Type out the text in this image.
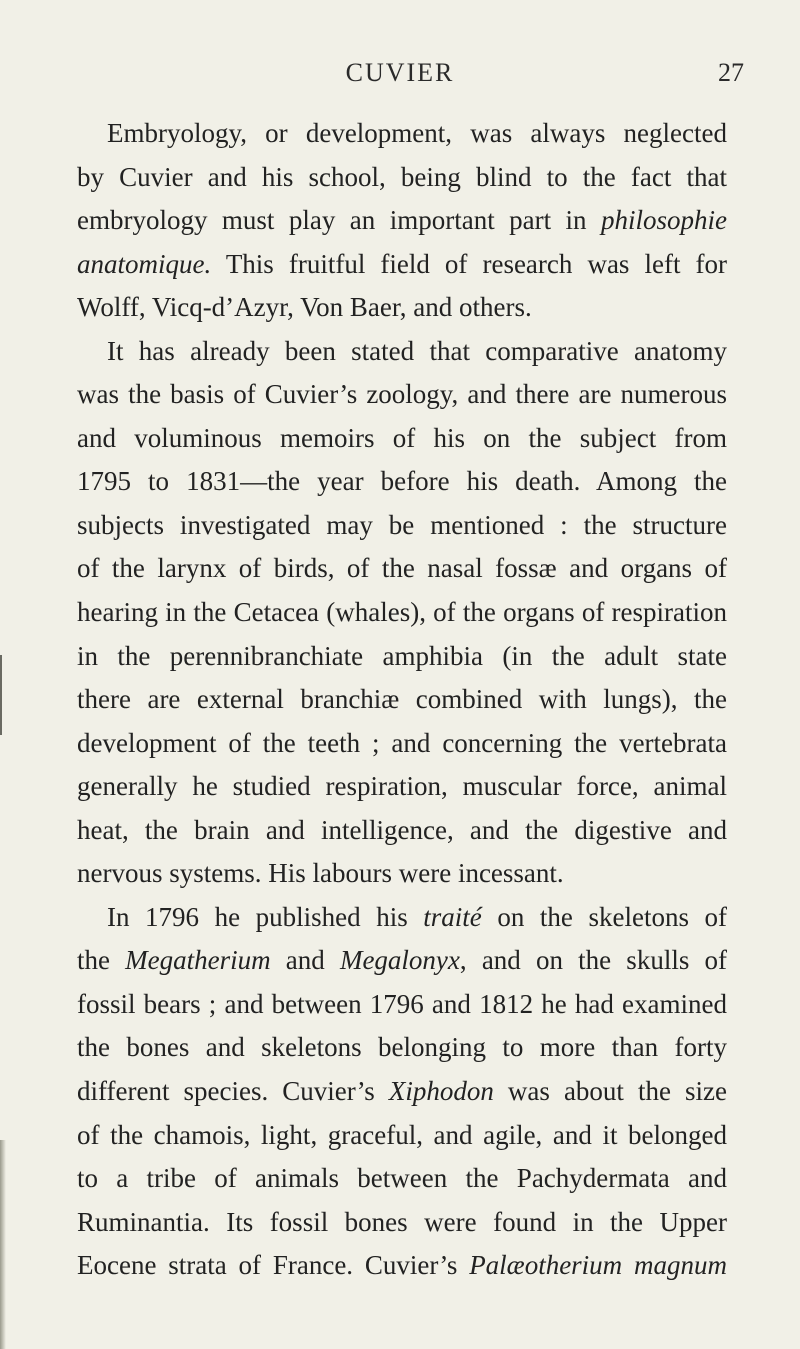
CUVIER	27
Embryology, or development, was always neglected
by Cuvier and his school, being blind to the fact that
embryology must play an important part in philosophie
anatomique. This fruitful field of research was left for
Wolff, Vicq-d’Azyr, Von Baer, and others.
It has already been stated that comparative anatomy
was the basis of Cuvier’s zoology, and there are numerous
and voluminous memoirs of his on the subject from
1795 to 1831—the year before his death. Among the
subjects investigated may be mentioned : the structure
of the larynx of birds, of the nasal fossæ and organs of
hearing in the Cetacea (whales), of the organs of respiration
in the perennibranchiate amphibia (in the adult state
there are external branchiæ combined with lungs), the
development of the teeth ; and concerning the vertebrata
generally he studied respiration, muscular force, animal
heat, the brain and intelligence, and the digestive and
nervous systems. His labours were incessant.
In 1796 he published his traité on the skeletons of
the Megatherium and Megalonyx, and on the skulls of
fossil bears ; and between 1796 and 1812 he had examined
the bones and skeletons belonging to more than forty
different species. Cuvier’s Xiphodon was about the size
of the chamois, light, graceful, and agile, and it belonged
to a tribe of animals between the Pachydermata and
Ruminantia. Its fossil bones were found in the Upper
Eocene strata of France. Cuvier’s Palæotherium magnum
